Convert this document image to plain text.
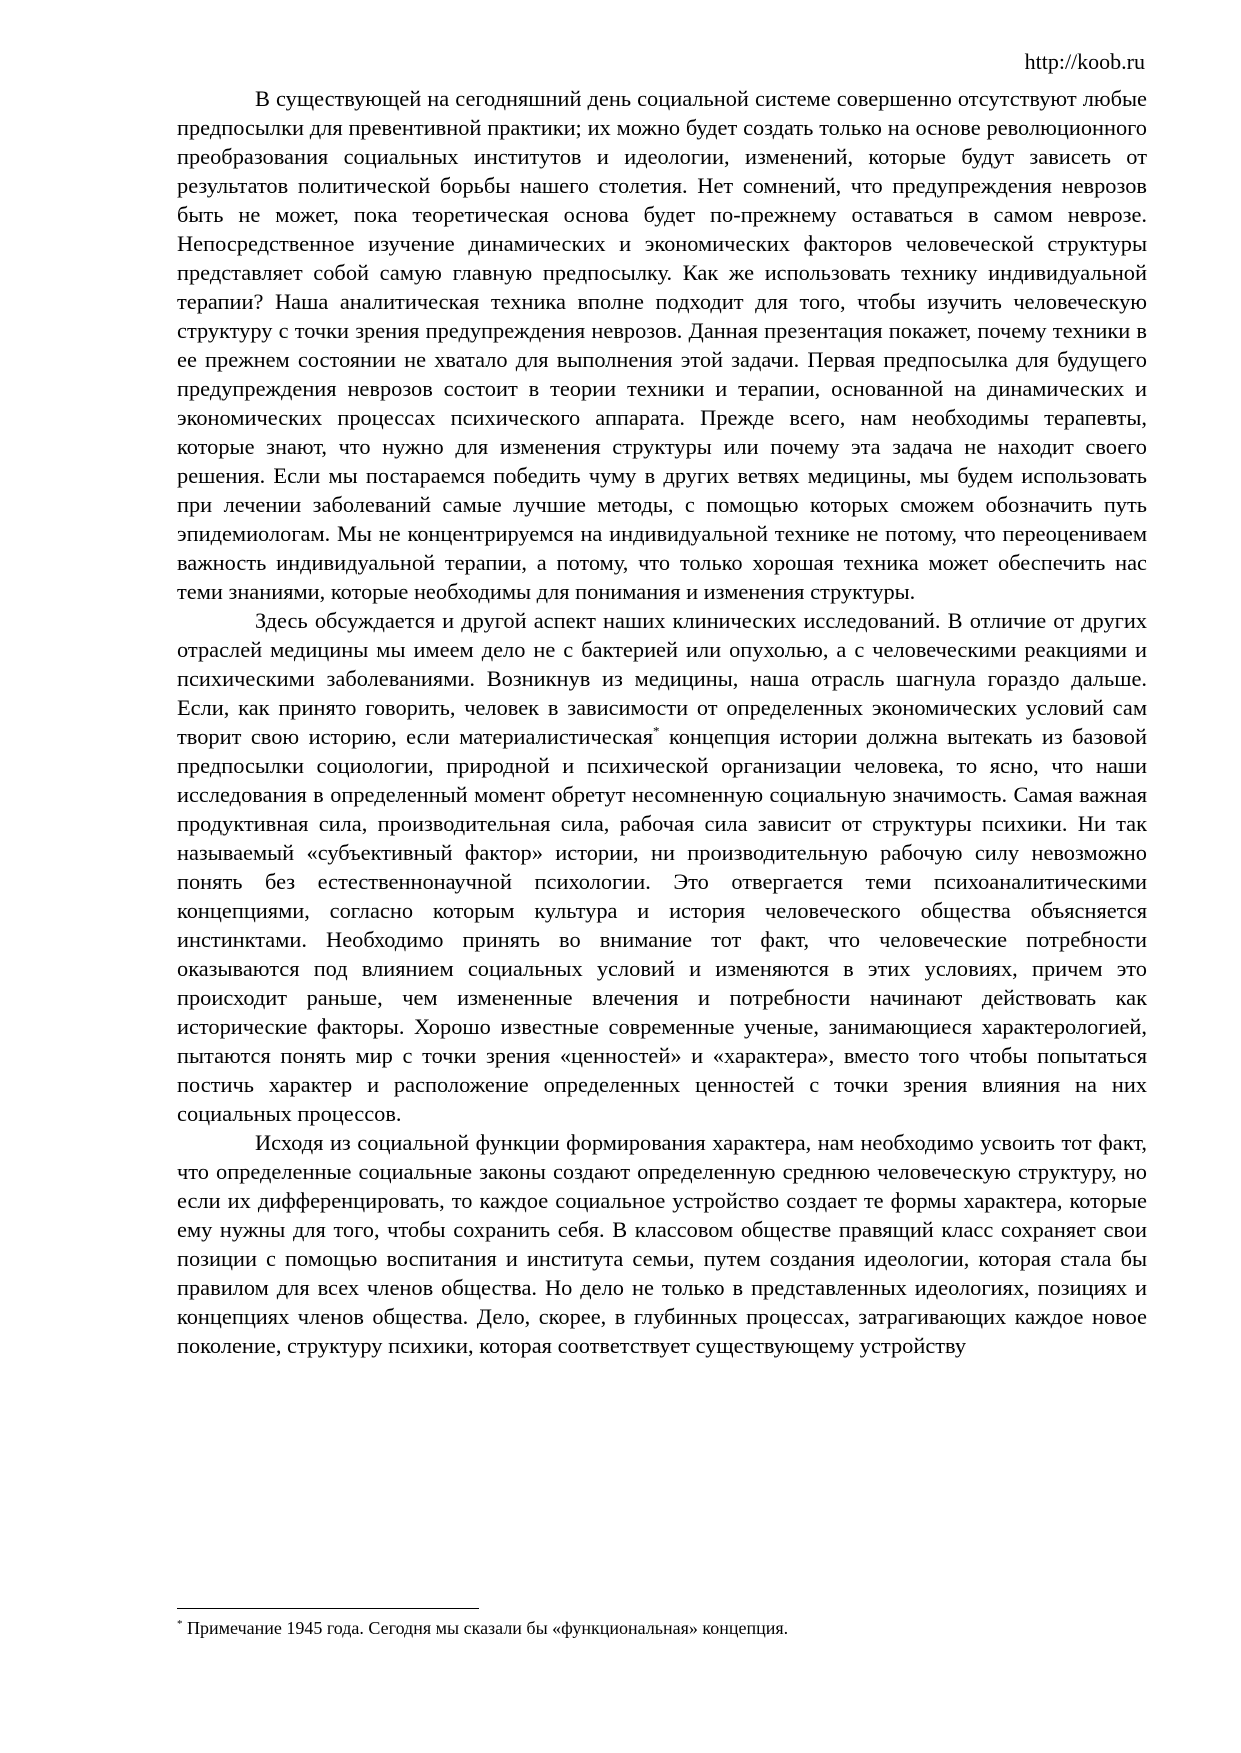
http://koob.ru

В существующей на сегодняшний день социальной системе совершенно отсутствуют любые предпосылки для превентивной практики; их можно будет создать только на основе революционного преобразования социальных институтов и идеологии, изменений, которые будут зависеть от результатов политической борьбы нашего столетия. Нет сомнений, что предупреждения неврозов быть не может, пока теоретическая основа будет по-прежнему оставаться в самом неврозе. Непосредственное изучение динамических и экономических факторов человеческой структуры представляет собой самую главную предпосылку. Как же использовать технику индивидуальной терапии? Наша аналитическая техника вполне подходит для того, чтобы изучить человеческую структуру с точки зрения предупреждения неврозов. Данная презентация покажет, почему техники в ее прежнем состоянии не хватало для выполнения этой задачи. Первая предпосылка для будущего предупреждения неврозов состоит в теории техники и терапии, основанной на динамических и экономических процессах психического аппарата. Прежде всего, нам необходимы терапевты, которые знают, что нужно для изменения структуры или почему эта задача не находит своего решения. Если мы постараемся победить чуму в других ветвях медицины, мы будем использовать при лечении заболеваний самые лучшие методы, с помощью которых сможем обозначить путь эпидемиологам. Мы не концентрируемся на индивидуальной технике не потому, что переоцениваем важность индивидуальной терапии, а потому, что только хорошая техника может обеспечить нас теми знаниями, которые необходимы для понимания и изменения структуры.

Здесь обсуждается и другой аспект наших клинических исследований. В отличие от других отраслей медицины мы имеем дело не с бактерией или опухолью, а с человеческими реакциями и психическими заболеваниями. Возникнув из медицины, наша отрасль шагнула гораздо дальше. Если, как принято говорить, человек в зависимости от определенных экономических условий сам творит свою историю, если материалистическая* концепция истории должна вытекать из базовой предпосылки социологии, природной и психической организации человека, то ясно, что наши исследования в определенный момент обретут несомненную социальную значимость. Самая важная продуктивная сила, производительная сила, рабочая сила зависит от структуры психики. Ни так называемый «субъективный фактор» истории, ни производительную рабочую силу невозможно понять без естественнонаучной психологии. Это отвергается теми психоаналитическими концепциями, согласно которым культура и история человеческого общества объясняется инстинктами. Необходимо принять во внимание тот факт, что человеческие потребности оказываются под влиянием социальных условий и изменяются в этих условиях, причем это происходит раньше, чем измененные влечения и потребности начинают действовать как исторические факторы. Хорошо известные современные ученые, занимающиеся характерологией, пытаются понять мир с точки зрения «ценностей» и «характера», вместо того чтобы попытаться постичь характер и расположение определенных ценностей с точки зрения влияния на них социальных процессов.

Исходя из социальной функции формирования характера, нам необходимо усвоить тот факт, что определенные социальные законы создают определенную среднюю человеческую структуру, но если их дифференцировать, то каждое социальное устройство создает те формы характера, которые ему нужны для того, чтобы сохранить себя. В классовом обществе правящий класс сохраняет свои позиции с помощью воспитания и института семьи, путем создания идеологии, которая стала бы правилом для всех членов общества. Но дело не только в представленных идеологиях, позициях и концепциях членов общества. Дело, скорее, в глубинных процессах, затрагивающих каждое новое поколение, структуру психики, которая соответствует существующему устройству

* Примечание 1945 года. Сегодня мы сказали бы «функциональная» концепция.
